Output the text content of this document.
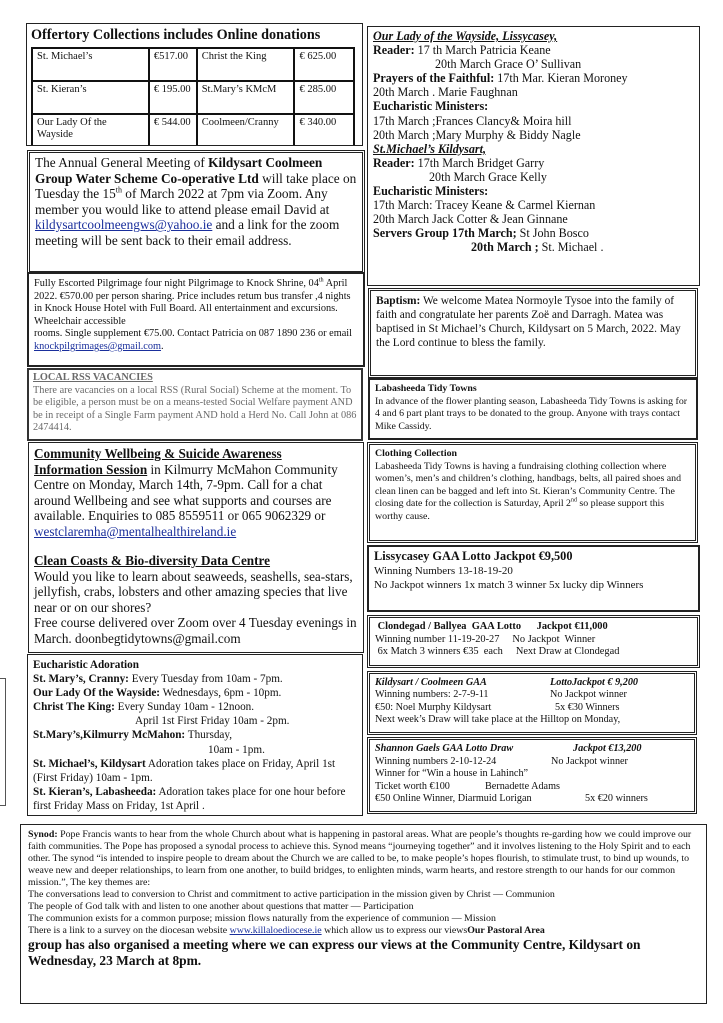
Offertory Collections includes Online donations
St. Michael’s	€517.00	Christ the King	€ 625.00
St. Kieran’s	€ 195.00	St.Mary’s KMcM	€ 285.00
Our Lady Of the Wayside	€ 544.00	Coolmeen/Cranny	€ 340.00
The Annual General Meeting of Kildysart Coolmeen Group Water Scheme Co-operative Ltd will take place on Tuesday the 15th of March 2022 at 7pm via Zoom. Any member you would like to attend please email David at kildysartcoolmeengws@yahoo.ie and a link for the zoom meeting will be sent back to their email address.
Fully Escorted Pilgrimage four night Pilgrimage to Knock Shrine, 04th April 2022. €570.00 per person sharing. Price includes retum bus transfer ,4 nights in Knock House Hotel with Full Board. All entertainment and excursions. Wheelchair accessible
rooms. Single supplement €75.00. Contact Patricia on 087 1890 236 or email knockpilgrimages@gmail.com.
LOCAL RSS VACANCIES
There are vacancies on a local RSS (Rural Social) Scheme at the moment. To be eligible, a person must be on a means-tested Social Welfare payment AND be in receipt of a Single Farm payment AND hold a Herd No. Call John at 086 2474414.
Community Wellbeing & Suicide Awareness
Information Session in Kilmurry McMahon Community Centre on Monday, March 14th, 7-9pm. Call for a chat around Wellbeing and see what supports and courses are available. Enquiries to 085 8559511 or 065 9062329 or westclaremha@mentalhealthireland.ie
Clean Coasts & Bio-diversity Data Centre
Would you like to learn about seaweeds, seashells, sea-stars, jellyfish, crabs, lobsters and other amazing species that live near or on our shores?
Free course delivered over Zoom over 4 Tuesday evenings in March. doonbegtidytowns@gmail.com
Eucharistic Adoration
St. Mary’s, Cranny: Every Tuesday from 10am - 7pm.
Our Lady Of the Wayside: Wednesdays, 6pm - 10pm.
Christ The King: Every Sunday 10am - 12noon.
April 1st First Friday 10am - 2pm.
St.Mary’s,Kilmurry McMahon: Thursday,
10am - 1pm.
St. Michael’s, Kildysart Adoration takes place on Friday, April 1st (First Friday) 10am - 1pm.
St. Kieran’s, Labasheeda: Adoration takes place for one hour before first Friday Mass on Friday, 1st April .
Our Lady of the Wayside, Lissycasey,
Reader: 17 th March Patricia Keane
20th March Grace O’ Sullivan
Prayers of the Faithful: 17th Mar. Kieran Moroney
20th March . Marie Faughnan
Eucharistic Ministers:
17th March ;Frances Clancy& Moira hill
20th March ;Mary Murphy & Biddy Nagle
St.Michael’s Kildysart,
Reader: 17th March Bridget Garry
20th March Grace Kelly
Eucharistic Ministers:
17th March: Tracey Keane & Carmel Kiernan
20th March Jack Cotter & Jean Ginnane
Servers Group 17th March; St John Bosco
20th March ; St. Michael .
Baptism: We welcome Matea Normoyle Tysoe into the family of faith and congratulate her parents Zoë and Darragh. Matea was baptised in St Michael’s Church, Kildysart on 5 March, 2022. May the Lord continue to bless the family.
Labasheeda Tidy Towns
In advance of the flower planting season, Labasheeda Tidy Towns is asking for 4 and 6 part plant trays to be donated to the group. Anyone with trays contact Mike Cassidy.
Clothing Collection
Labasheeda Tidy Towns is having a fundraising clothing collection where women’s, men’s and children’s clothing, handbags, belts, all paired shoes and clean linen can be bagged and left into St. Kieran’s Community Centre. The closing date for the collection is Saturday, April 2nd so please support this worthy cause.
Lissycasey GAA Lotto Jackpot €9,500
Winning Numbers 13-18-19-20
No Jackpot winners 1x match 3 winner 5x lucky dip Winners
Clondegad / Ballyea  GAA Lotto      Jackpot €11,000
Winning number 11-19-20-27     No Jackpot  Winner
6x Match 3 winners €35  each     Next Draw at Clondegad
Kildysart / Coolmeen GAA	LottoJackpot € 9,200
Winning numbers: 2-7-9-11	No Jackpot winner
€50: Noel Murphy Kildysart	5x €30 Winners
Next week’s Draw will take place at the Hilltop on Monday,
Shannon Gaels GAA Lotto Draw	Jackpot €13,200
Winning numbers 2-10-12-24	No Jackpot winner
Winner for “Win a house in Lahinch”
Ticket worth €100	Bernadette Adams
€50 Online Winner, Diarmuid Lorigan	5x €20 winners
Synod: Pope Francis wants to hear from the whole Church about what is happening in pastoral areas. What are people’s thoughts re-garding how we could improve our faith communities. The Pope has proposed a synodal process to achieve this. Synod means “journeying together” and it involves listening to the Holy Spirit and to each other. The synod “is intended to inspire people to dream about the Church we are called to be, to make people’s hopes flourish, to stimulate trust, to bind up wounds, to weave new and deeper relationships, to learn from one another, to build bridges, to enlighten minds, warm hearts, and restore strength to our hands for our common mission.”, The key themes are:
The conversations lead to conversion to Christ and commitment to active participation in the mission given by Christ — Communion
The people of God talk with and listen to one another about questions that matter — Participation
The communion exists for a common purpose; mission flows naturally from the experience of communion — Mission
There is a link to a survey on the diocesan website www.killaloediocese.ie which allow us to express our viewsOur Pastoral Area
group has also organised a meeting where we can express our views at the Community Centre, Kildysart on Wednesday, 23 March at 8pm.
